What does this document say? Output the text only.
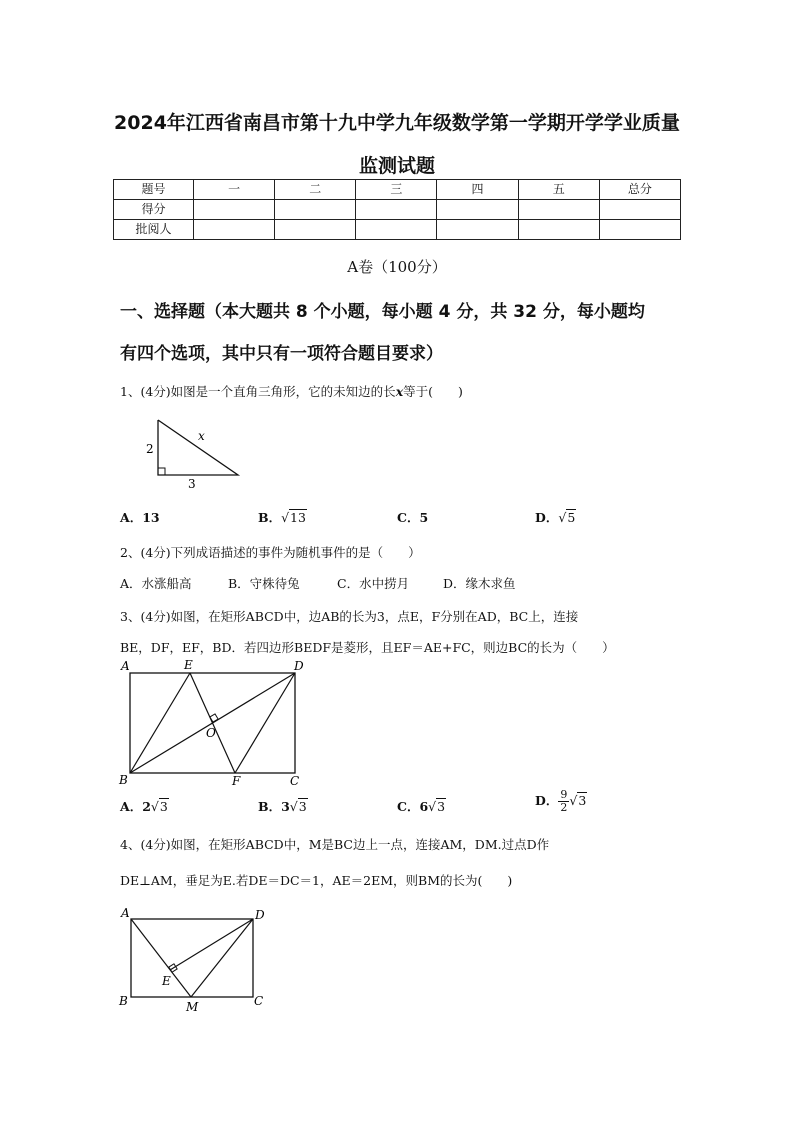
2024年江西省南昌市第十九中学九年级数学第一学期开学学业质量
监测试题
题号	一	二	三	四	五	总分
得分						
批阅人						
A卷（100分）
一、选择题（本大题共 8 个小题，每小题 4 分，共 32 分，每小题均
有四个选项，其中只有一项符合题目要求）
1、(4分)如图是一个直角三角形，它的未知边的长x等于(　　)
2
3
x
A．13	B．√13	C．5	D．√5
2、(4分)下列成语描述的事件为随机事件的是（　　）
A．水涨船高	B．守株待兔	C．水中捞月	D．缘木求鱼
3、(4分)如图，在矩形ABCD中，边AB的长为3，点E，F分别在AD，BC上，连接
BE，DF，EF，BD．若四边形BEDF是菱形，且EF＝AE+FC，则边BC的长为（　　）
A	E	D
O
B	F	C
A．2√3	B．3√3	C．6√3	D． $\frac{9}{2} √3$
4、(4分)如图，在矩形ABCD中，M是BC边上一点，连接AM，DM.过点D作
DE⊥AM，垂足为E.若DE＝DC＝1，AE＝2EM，则BM的长为(　　)
A	D
E
B	M	C
